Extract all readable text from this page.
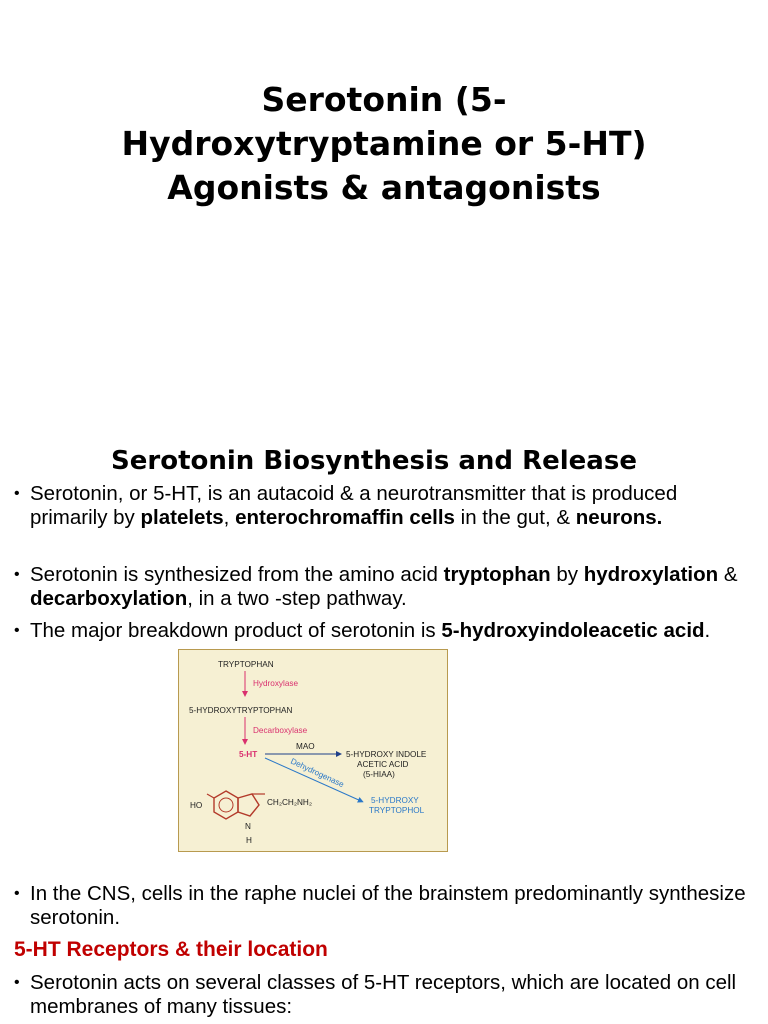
Serotonin (5-
Hydroxytryptamine or 5-HT)
Agonists & antagonists
Serotonin Biosynthesis and Release
• Serotonin, or 5-HT, is an autacoid & a neurotransmitter that is produced primarily by platelets, enterochromaffin cells in the gut, & neurons.
• Serotonin is synthesized from the amino acid tryptophan by hydroxylation & decarboxylation, in a two -step pathway.
• The major breakdown product of serotonin is 5-hydroxyindoleacetic acid.
TRYPTOPHAN
Hydroxylase
5-HYDROXYTRYPTOPHAN
Decarboxylase
5-HT
MAO
5-HYDROXY INDOLE
ACETIC ACID
(5-HIAA)
Dehydrogenase
5-HYDROXY
TRYPTOPHOL
HO	CH₂CH₂NH₂
N
H
• In the CNS, cells in the raphe nuclei of the brainstem predominantly synthesize serotonin.
5-HT Receptors & their location
• Serotonin acts on several classes of 5-HT receptors, which are located on cell membranes of many tissues:
